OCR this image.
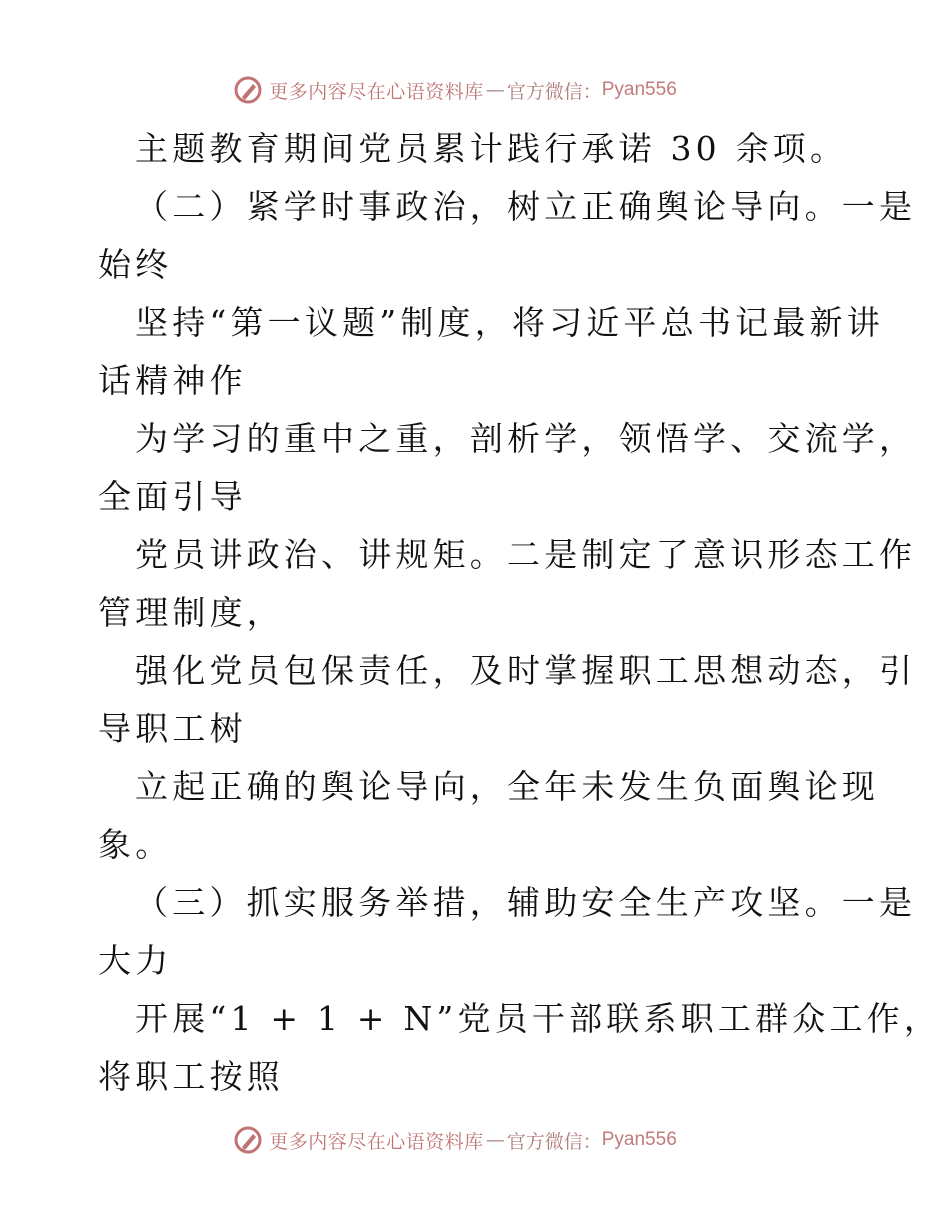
更多内容尽在心语资料库 — 官方微信： Pyan556
主题教育期间党员累计践行承诺 30 余项。
（二）紧学时事政治，树立正确舆论导向。一是
始终
坚持“第一议题”制度，将习近平总书记最新讲
话精神作
为学习的重中之重，剖析学，领悟学、交流学，
全面引导
党员讲政治、讲规矩。二是制定了意识形态工作
管理制度，
强化党员包保责任，及时掌握职工思想动态，引
导职工树
立起正确的舆论导向，全年未发生负面舆论现
象。
（三）抓实服务举措，辅助安全生产攻坚。一是
大力
开展“1 + 1 + N”党员干部联系职工群众工作，
将职工按照
更多内容尽在心语资料库 — 官方微信： Pyan556
